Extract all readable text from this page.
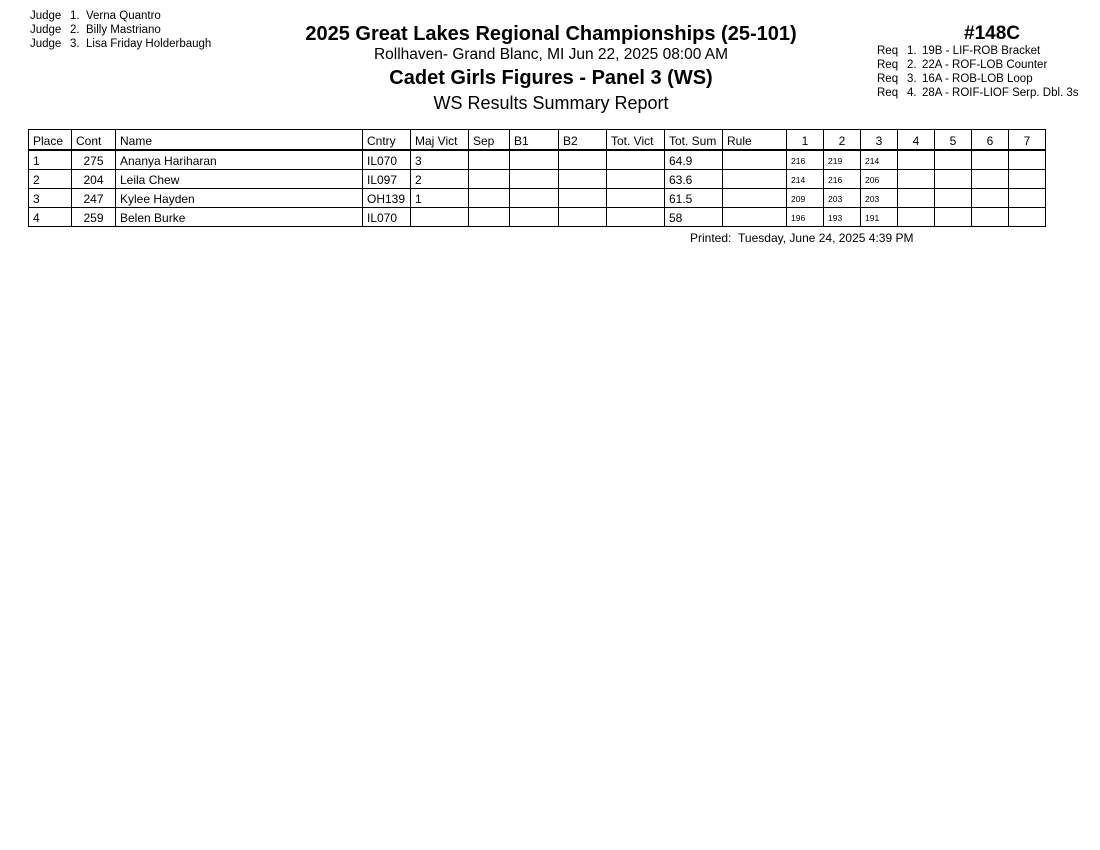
Judge 1. Verna Quantro
Judge 2. Billy Mastriano
Judge 3. Lisa Friday Holderbaugh	2025 Great Lakes Regional Championships (25-101)
Rollhaven- Grand Blanc, MI Jun 22, 2025 08:00 AM
Cadet Girls Figures - Panel 3 (WS)
WS Results Summary Report
#148C
Req 1. 19B - LIF-ROB Bracket
Req 2. 22A - ROF-LOB Counter
Req 3. 16A - ROB-LOB Loop
Req 4. 28A - ROIF-LIOF Serp. Dbl. 3s
Place	Cont	Name	Cntry	Maj Vict	Sep	B1	B2	Tot. Vict	Tot. Sum	Rule	1	2	3	4	5	6	7
1	275	Ananya Hariharan	IL070	3					64.9		216	219	214				
2	204	Leila Chew	IL097	2					63.6		214	216	206				
3	247	Kylee Hayden	OH139	1					61.5		209	203	203				
4	259	Belen Burke	IL070						58		196	193	191				
Printed: Tuesday, June 24, 2025 4:39 PM
